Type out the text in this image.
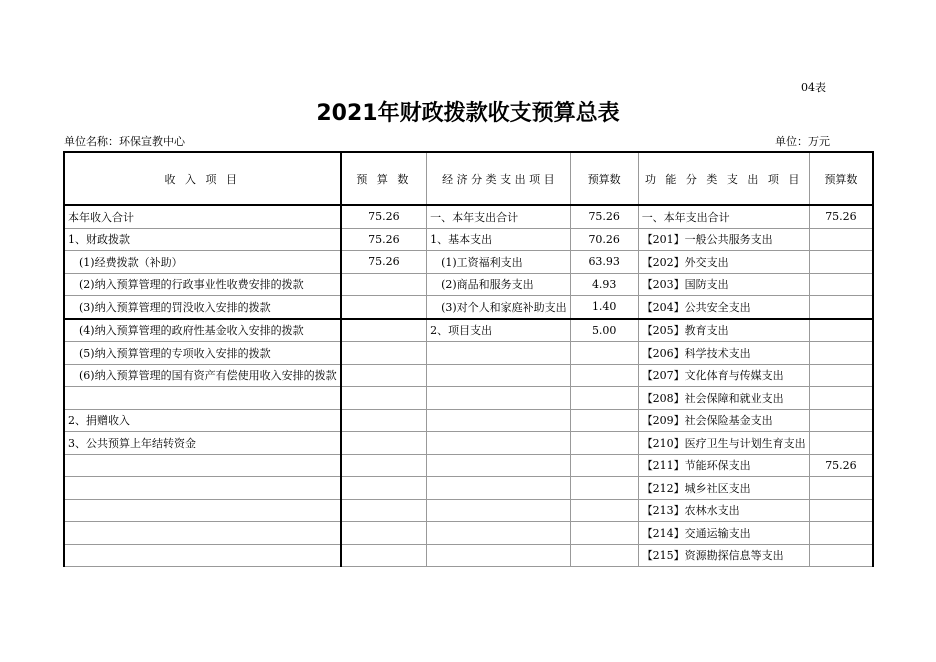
04表
2021年财政拨款收支预算总表
单位名称：环保宣教中心	单位：万元
收 入 项 目	预 算 数	经 济 分 类 支 出 项 目	预算数	功 能 分 类 支 出 项 目	预算数
本年收入合计	75.26	一、本年支出合计	75.26	一、本年支出合计	75.26
1、财政拨款	75.26	1、基本支出	70.26	【201】一般公共服务支出	
(1)经费拨款（补助）	75.26	(1)工资福利支出	63.93	【202】外交支出	
(2)纳入预算管理的行政事业性收费安排的拨款		(2)商品和服务支出	4.93	【203】国防支出	
(3)纳入预算管理的罚没收入安排的拨款		(3)对个人和家庭补助支出	1.40	【204】公共安全支出	
(4)纳入预算管理的政府性基金收入安排的拨款		2、项目支出	5.00	【205】教育支出	
(5)纳入预算管理的专项收入安排的拨款				【206】科学技术支出	
(6)纳入预算管理的国有资产有偿使用收入安排的拨款				【207】文化体育与传媒支出	
				【208】社会保障和就业支出	
2、捐赠收入				【209】社会保险基金支出	
3、公共预算上年结转资金				【210】医疗卫生与计划生育支出	
				【211】节能环保支出	75.26
				【212】城乡社区支出	
				【213】农林水支出	
				【214】交通运输支出	
				【215】资源勘探信息等支出	
